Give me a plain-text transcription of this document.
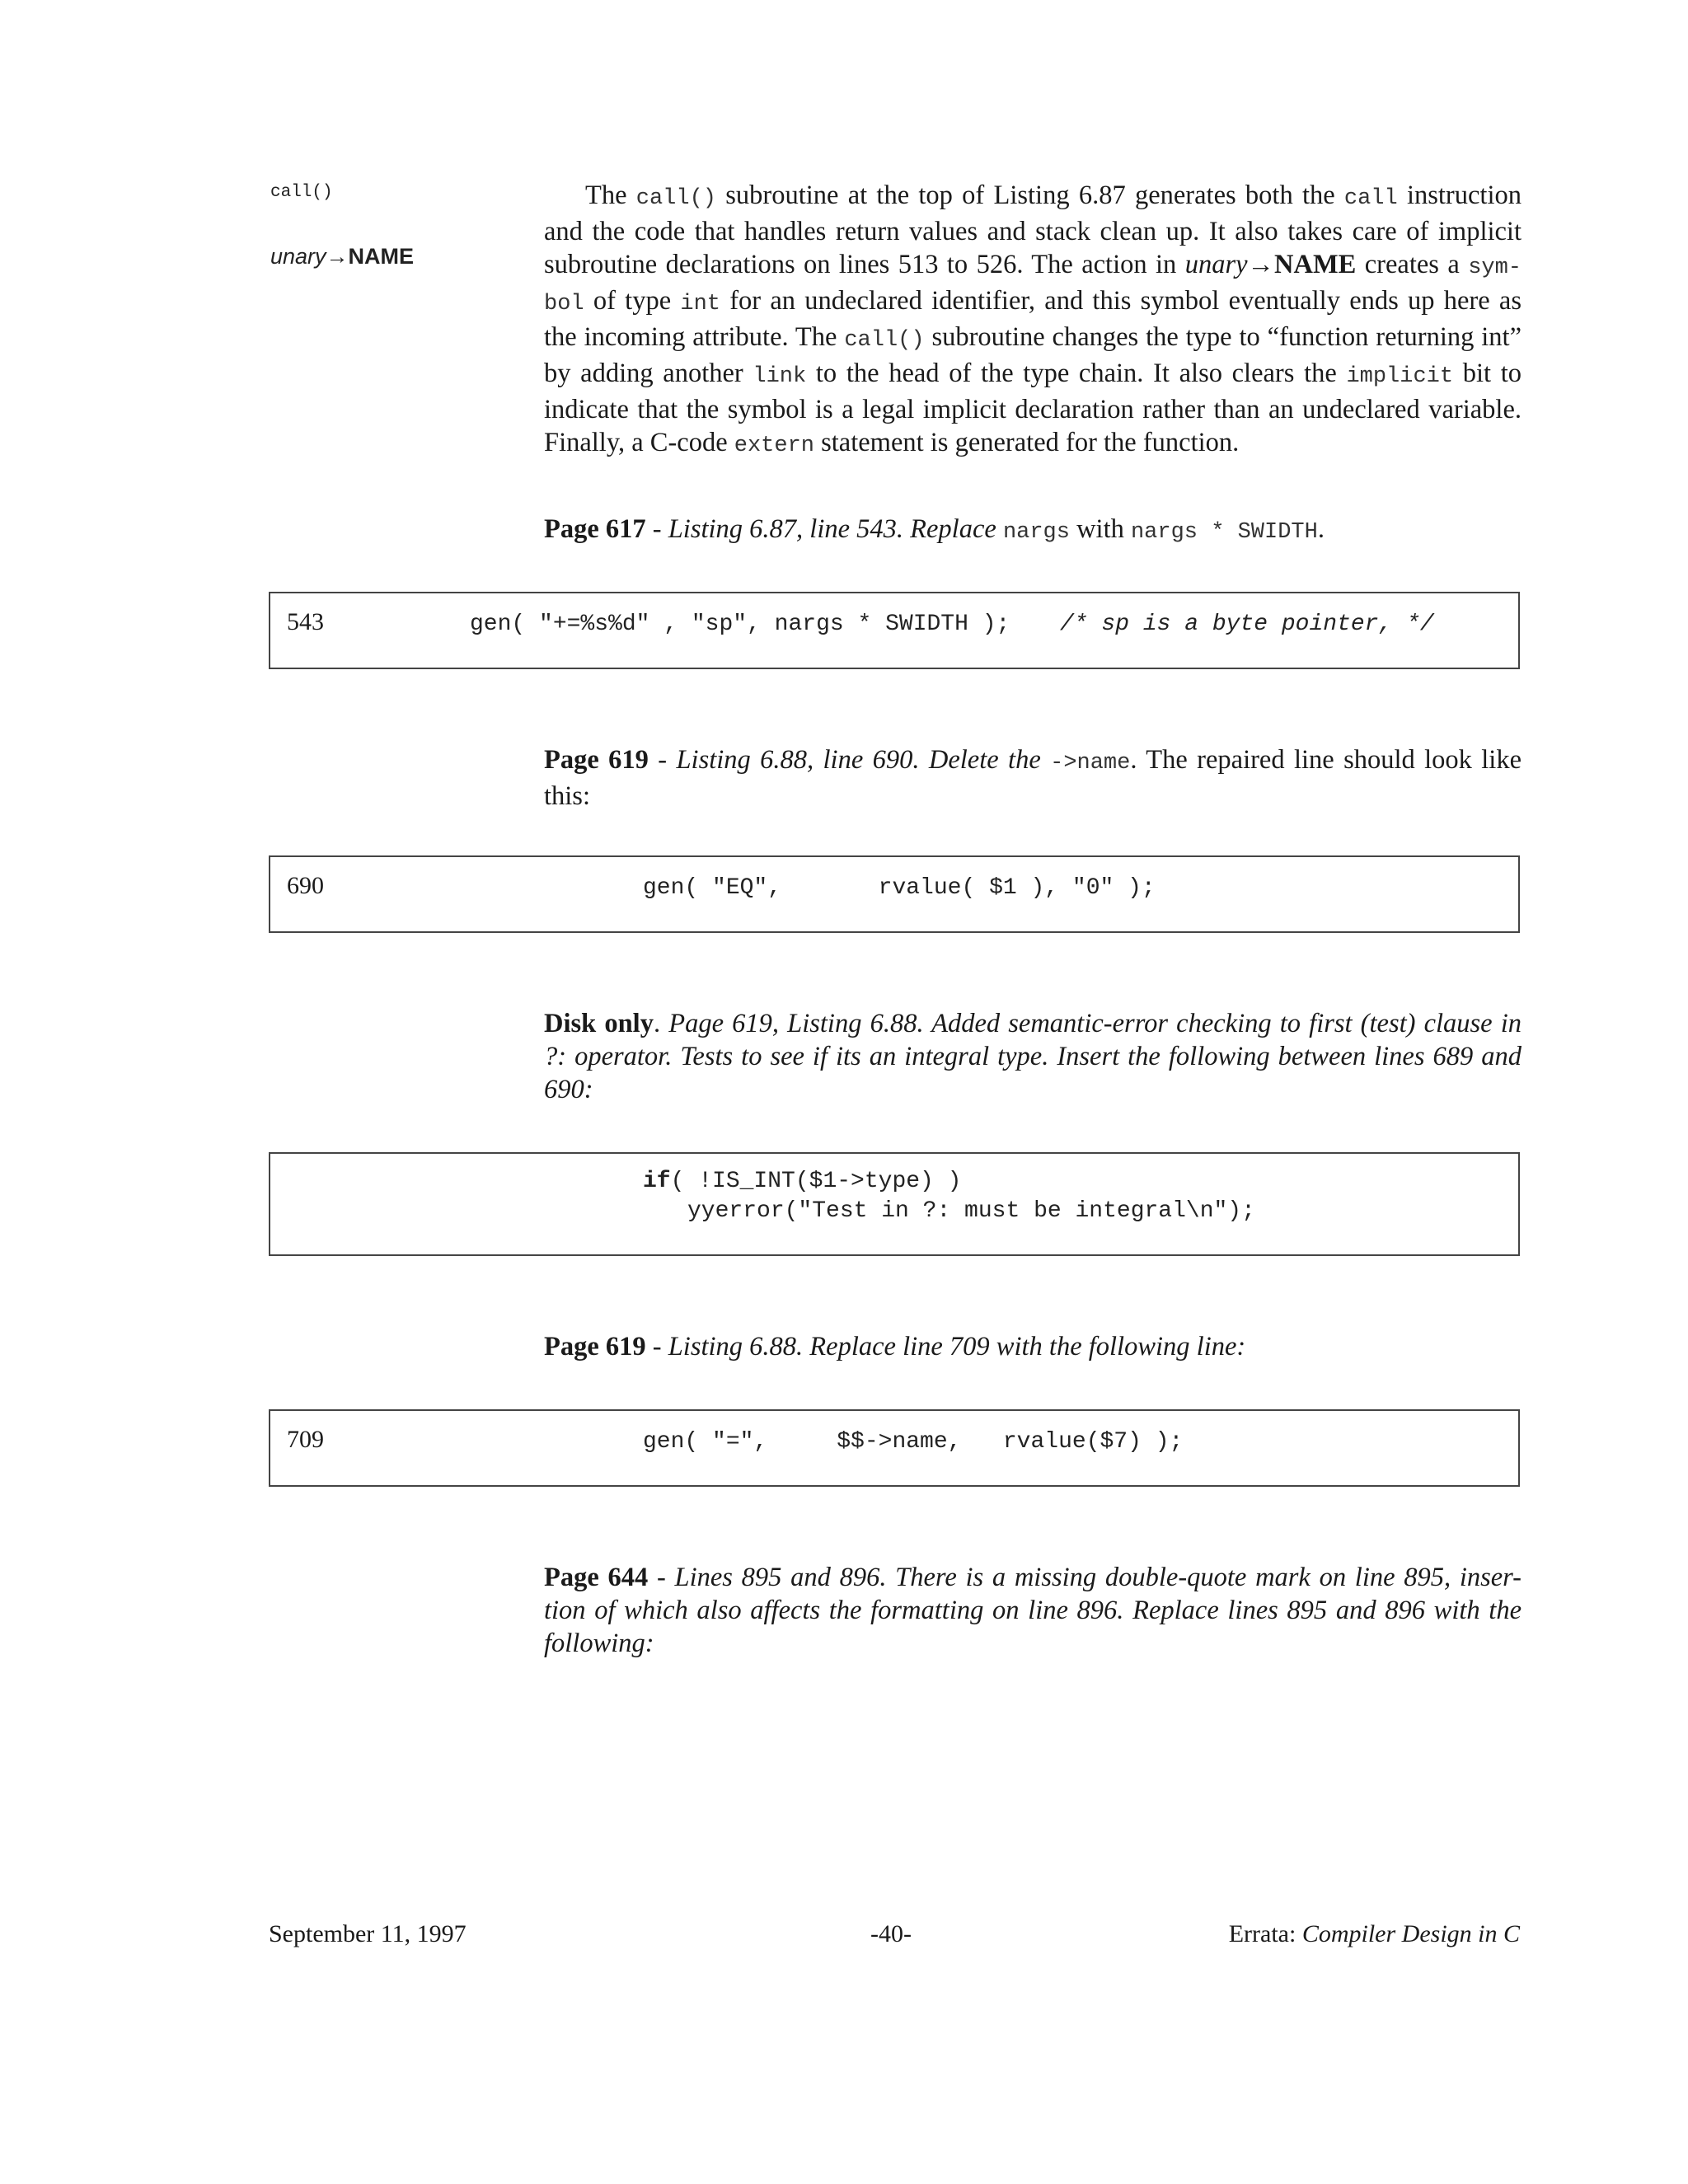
call()
unary→NAME
The call() subroutine at the top of Listing 6.87 generates both the call instruction and the code that handles return values and stack clean up. It also takes care of implicit subroutine declarations on lines 513 to 526. The action in unary→NAME creates a sym-bol of type int for an undeclared identifier, and this symbol eventually ends up here as the incoming attribute. The call() subroutine changes the type to “function returning int” by adding another link to the head of the type chain. It also clears the implicit bit to indicate that the symbol is a legal implicit declaration rather than an undeclared variable. Finally, a C-code extern statement is generated for the function.
Page 617 - Listing 6.87, line 543. Replace nargs with nargs * SWIDTH.
543	gen( "+=%s%d" , "sp", nargs * SWIDTH ); /* sp is a byte pointer, */
Page 619 - Listing 6.88, line 690. Delete the ->name. The repaired line should look like this:
690	gen( "EQ",       rvalue( $1 ), "0" );
Disk only. Page 619, Listing 6.88. Added semantic-error checking to first (test) clause in ?: operator. Tests to see if its an integral type. Insert the following between lines 689 and 690:
if( !IS_INT($1->type) )
yyerror("Test in ?: must be integral\n");
Page 619 - Listing 6.88. Replace line 709 with the following line:
709	gen( "=",     $$->name,   rvalue($7) );
Page 644 - Lines 895 and 896. There is a missing double-quote mark on line 895, inser-tion of which also affects the formatting on line 896. Replace lines 895 and 896 with the following:
September 11, 1997	-40-	Errata: Compiler Design in C
